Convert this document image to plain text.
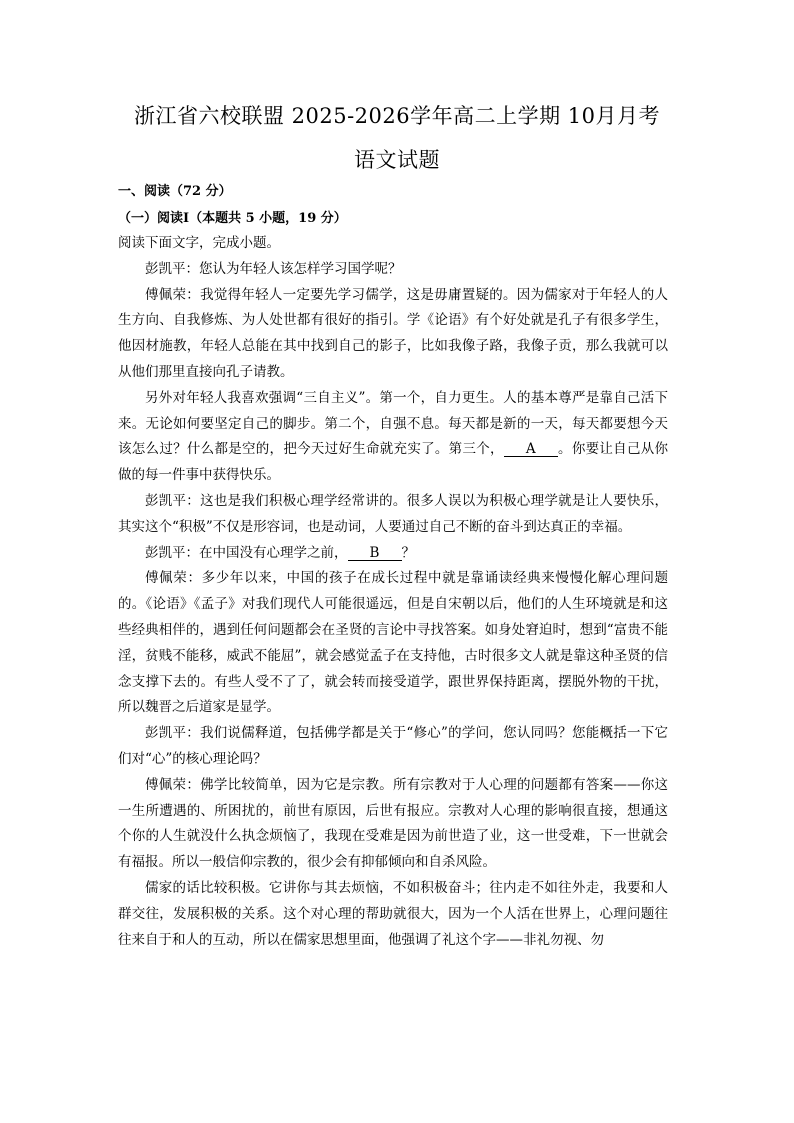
浙江省六校联盟 2025-2026学年高二上学期 10月月考
语文试题
一、阅读（72 分）
（一）阅读Ⅰ（本题共 5 小题，19 分）

阅读下面文字，完成小题。

彭凯平：您认为年轻人该怎样学习国学呢？

傅佩荣：我觉得年轻人一定要先学习儒学，这是毋庸置疑的。因为儒家对于年轻人的人生方向、自我修炼、为人处世都有很好的指引。学《论语》有个好处就是孔子有很多学生，他因材施教，年轻人总能在其中找到自己的影子，比如我像子路，我像子贡，那么我就可以从他们那里直接向孔子请教。

另外对年轻人我喜欢强调“三自主义”。第一个，自力更生。人的基本尊严是靠自己活下来。无论如何要坚定自己的脚步。第二个，自强不息。每天都是新的一天，每天都要想今天该怎么过？什么都是空的，把今天过好生命就充实了。第三个， A 。你要让自己从你做的每一件事中获得快乐。

彭凯平：这也是我们积极心理学经常讲的。很多人误以为积极心理学就是让人要快乐，其实这个“积极”不仅是形容词，也是动词，人要通过自己不断的奋斗到达真正的幸福。

彭凯平：在中国没有心理学之前， B ？

傅佩荣：多少年以来，中国的孩子在成长过程中就是靠诵读经典来慢慢化解心理问题的。《论语》《孟子》对我们现代人可能很遥远，但是自宋朝以后，他们的人生环境就是和这些经典相伴的，遇到任何问题都会在圣贤的言论中寻找答案。如身处窘迫时，想到“富贵不能淫，贫贱不能移，威武不能屈”，就会感觉孟子在支持他，古时很多文人就是靠这种圣贤的信念支撑下去的。有些人受不了了，就会转而接受道学，跟世界保持距离，摆脱外物的干扰，所以魏晋之后道家是显学。

彭凯平：我们说儒释道，包括佛学都是关于“修心”的学问，您认同吗？您能概括一下它们对“心”的核心理论吗？

傅佩荣：佛学比较简单，因为它是宗教。所有宗教对于人心理的问题都有答案——你这一生所遭遇的、所困扰的，前世有原因，后世有报应。宗教对人心理的影响很直接，想通这个你的人生就没什么执念烦恼了，我现在受难是因为前世造了业，这一世受难，下一世就会有福报。所以一般信仰宗教的，很少会有抑郁倾向和自杀风险。

儒家的话比较积极。它讲你与其去烦恼，不如积极奋斗；往内走不如往外走，我要和人群交往，发展积极的关系。这个对心理的帮助就很大，因为一个人活在世界上，心理问题往往来自于和人的互动，所以在儒家思想里面，他强调了礼这个字——非礼勿视、勿
